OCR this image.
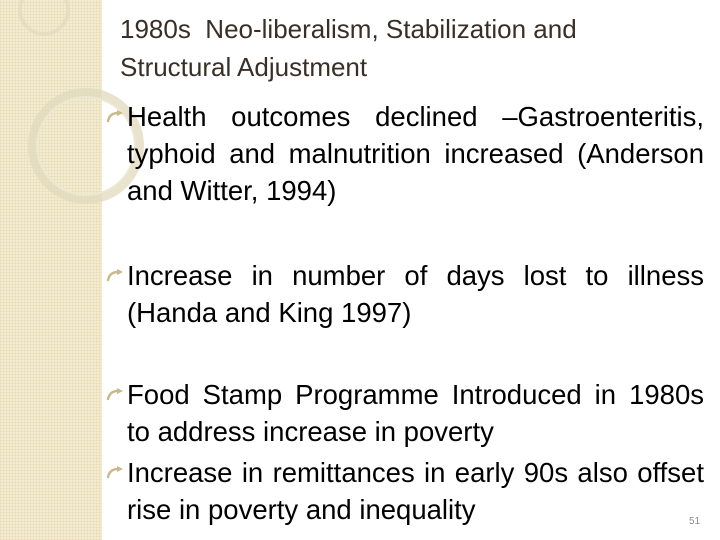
1980s  Neo-liberalism, Stabilization and
Structural Adjustment
Health outcomes declined –Gastroenteritis, typhoid and malnutrition increased (Anderson and Witter, 1994)
Increase in number of days lost to illness (Handa and King 1997)
Food Stamp Programme Introduced in 1980s to address increase in poverty
Increase in remittances in early 90s also offset rise in poverty and inequality	51
